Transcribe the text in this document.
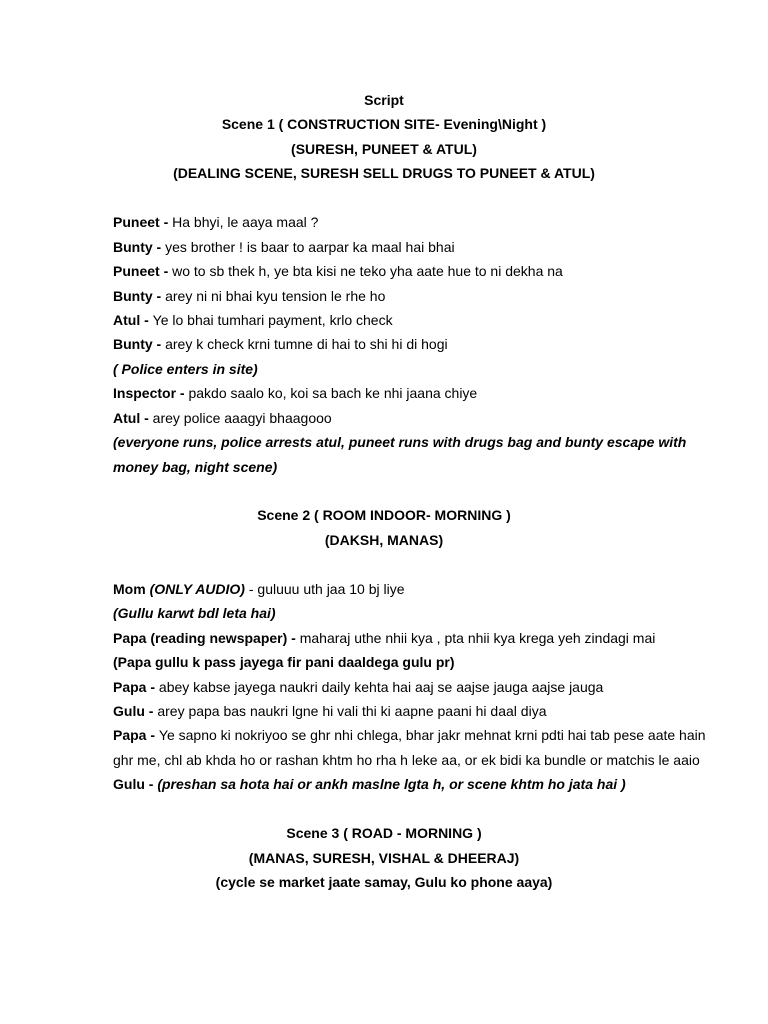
Script
Scene 1 ( CONSTRUCTION SITE- Evening\Night )
(SURESH, PUNEET & ATUL)
(DEALING SCENE, SURESH SELL DRUGS TO PUNEET & ATUL)
Puneet - Ha bhyi, le aaya maal ?
Bunty - yes brother ! is baar to aarpar ka maal hai bhai
Puneet - wo to sb thek h, ye bta kisi ne teko yha aate hue to ni dekha na
Bunty - arey ni ni bhai kyu tension le rhe ho
Atul - Ye lo bhai tumhari payment, krlo check
Bunty - arey k check krni tumne di hai to shi hi di hogi
( Police enters in site)
Inspector - pakdo saalo ko, koi sa bach ke nhi jaana chiye
Atul - arey police aaagyi bhaagooo
(everyone runs, police arrests atul, puneet runs with drugs bag and bunty escape with
money bag, night scene)
Scene 2 ( ROOM INDOOR- MORNING )
(DAKSH, MANAS)
Mom (ONLY AUDIO) - guluuu uth jaa 10 bj liye
(Gullu karwt bdl leta hai)
Papa (reading newspaper) - maharaj uthe nhii kya , pta nhii kya krega yeh zindagi mai
(Papa gullu k pass jayega fir pani daaldega gulu pr)
Papa - abey kabse jayega naukri daily kehta hai aaj se aajse jauga aajse jauga
Gulu - arey papa bas naukri lgne hi vali thi ki aapne paani hi daal diya
Papa - Ye sapno ki nokriyoo se ghr nhi chlega, bhar jakr mehnat krni pdti hai tab pese aate hain
ghr me, chl ab khda ho or rashan khtm ho rha h leke aa, or ek bidi ka bundle or matchis le aaio
Gulu - (preshan sa hota hai or ankh maslne lgta h, or scene khtm ho jata hai )
Scene 3 ( ROAD - MORNING )
(MANAS, SURESH, VISHAL & DHEERAJ)
(cycle se market jaate samay, Gulu ko phone aaya)
